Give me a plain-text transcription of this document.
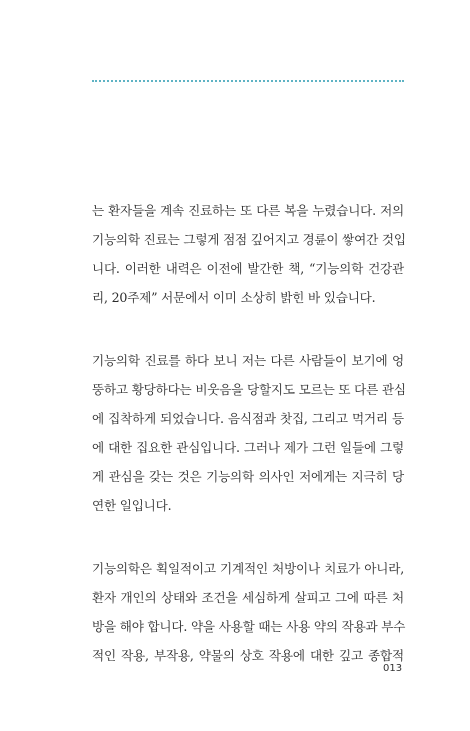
는 환자들을 계속 진료하는 또 다른 복을 누렸습니다. 저의
기능의학 진료는 그렇게 점점 깊어지고 경륜이 쌓여간 것입
니다. 이러한 내력은 이전에 발간한 책, “기능의학 건강관
리, 20주제” 서문에서 이미 소상히 밝힌 바 있습니다.

기능의학 진료를 하다 보니 저는 다른 사람들이 보기에 엉
뚱하고 황당하다는 비웃음을 당할지도 모르는 또 다른 관심
에 집착하게 되었습니다. 음식점과 찻집, 그리고 먹거리 등
에 대한 집요한 관심입니다. 그러나 제가 그런 일들에 그렇
게 관심을 갖는 것은 기능의학 의사인 저에게는 지극히 당
연한 일입니다.

기능의학은 획일적이고 기계적인 처방이나 치료가 아니라,
환자 개인의 상태와 조건을 세심하게 살피고 그에 따른 처
방을 해야 합니다. 약을 사용할 때는 사용 약의 작용과 부수
적인 작용, 부작용, 약물의 상호 작용에 대한 깊고 종합적

013
